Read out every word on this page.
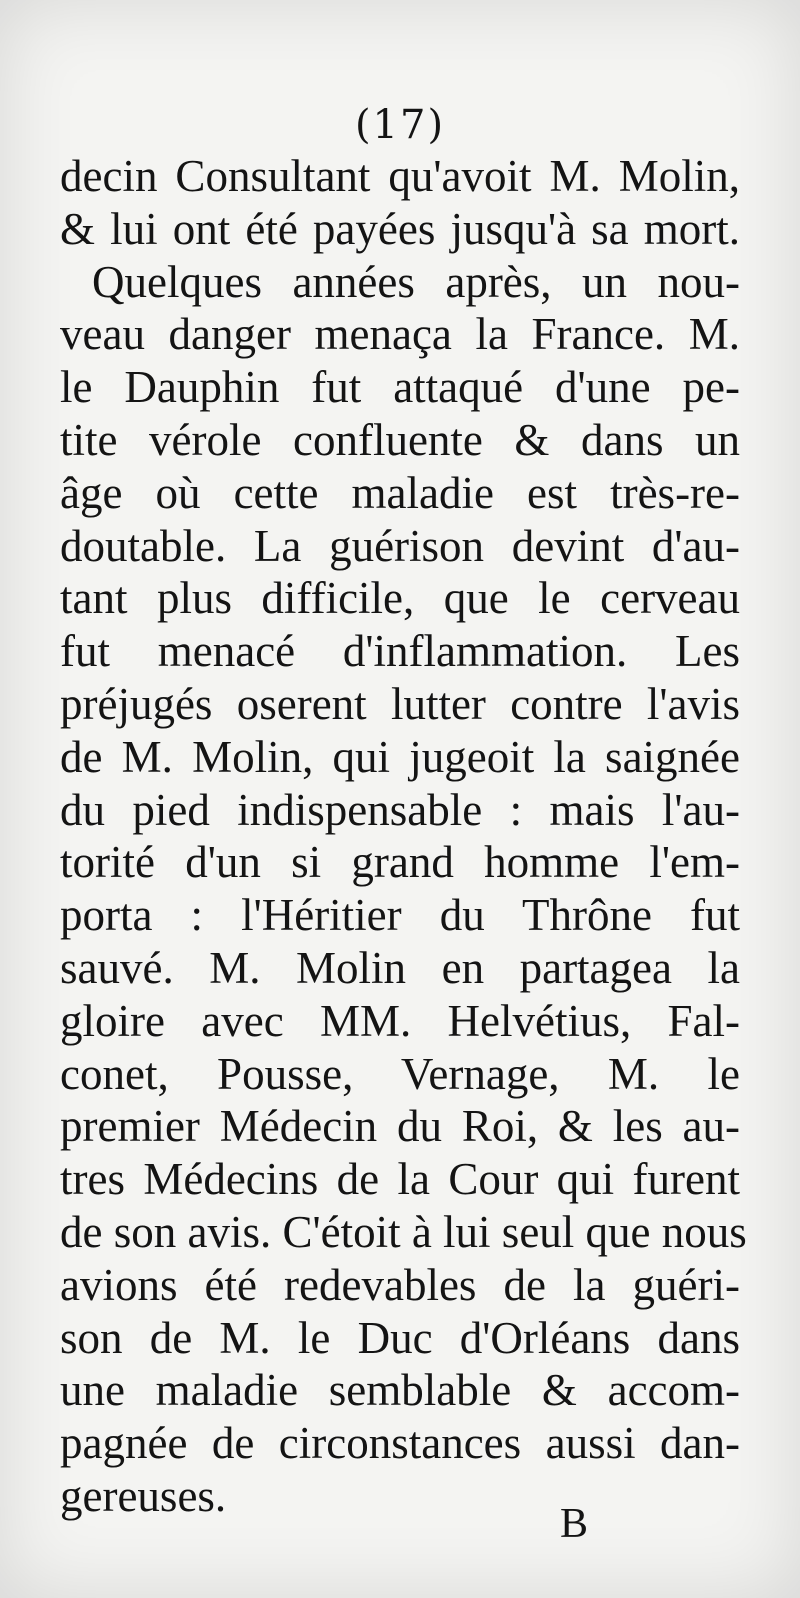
(17)
decin Consultant qu'avoit M. Molin,
& lui ont été payées jusqu'à sa mort.
Quelques années après, un nou-
veau danger menaça la France. M.
le Dauphin fut attaqué d'une pe-
tite vérole confluente & dans un
âge où cette maladie est très-re-
doutable. La guérison devint d'au-
tant plus difficile, que le cerveau
fut menacé d'inflammation. Les
préjugés oserent lutter contre l'avis
de M. Molin, qui jugeoit la saignée
du pied indispensable : mais l'au-
torité d'un si grand homme l'em-
porta : l'Héritier du Thrône fut
sauvé. M. Molin en partagea la
gloire avec MM. Helvétius, Fal-
conet, Pousse, Vernage, M. le
premier Médecin du Roi, & les au-
tres Médecins de la Cour qui furent
de son avis. C'étoit à lui seul que nous
avions été redevables de la guéri-
son de M. le Duc d'Orléans dans
une maladie semblable & accom-
pagnée de circonstances aussi dan-
gereuses.
B
